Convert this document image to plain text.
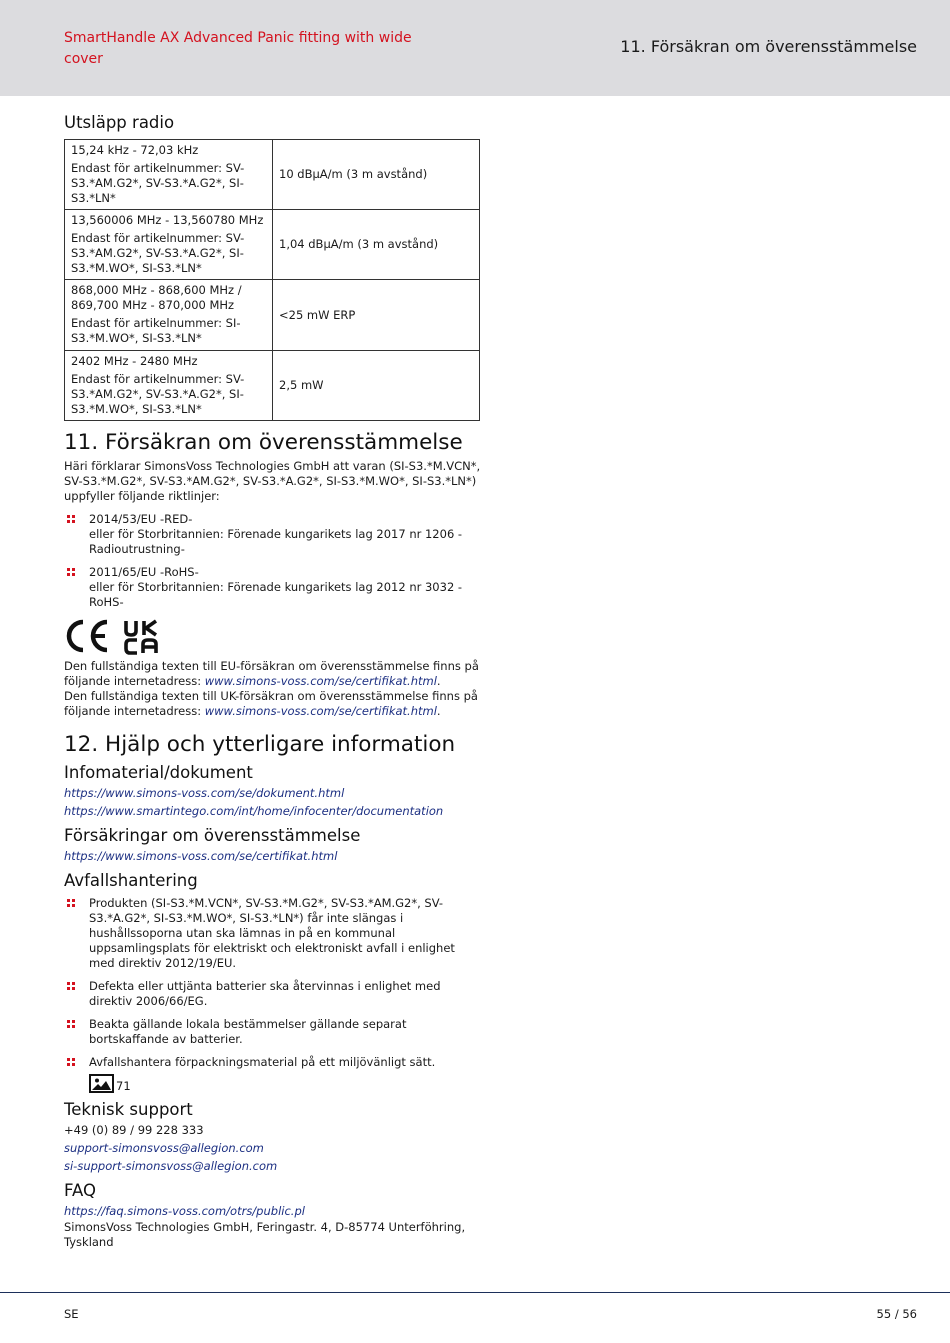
SmartHandle AX Advanced Panic fitting with wide cover
11. Försäkran om överensstämmelse
Utsläpp radio
15,24 kHz - 72,03 kHz
Endast för artikelnummer: SV-S3.*AM.G2*, SV-S3.*A.G2*, SI-S3.*LN*	10 dBμA/m (3 m avstånd)

13,560006 MHz - 13,560780 MHz
Endast för artikelnummer: SV-S3.*AM.G2*, SV-S3.*A.G2*, SI-S3.*M.WO*, SI-S3.*LN*	1,04 dBμA/m (3 m avstånd)

868,000 MHz - 868,600 MHz / 869,700 MHz - 870,000 MHz
Endast för artikelnummer: SI-S3.*M.WO*, SI-S3.*LN*	<25 mW ERP

2402 MHz - 2480 MHz
Endast för artikelnummer: SV-S3.*AM.G2*, SV-S3.*A.G2*, SI-S3.*M.WO*, SI-S3.*LN*	2,5 mW
11. Försäkran om överensstämmelse

Häri förklarar SimonsVoss Technologies GmbH att varan (SI-S3.*M.VCN*, SV-S3.*M.G2*, SV-S3.*AM.G2*, SV-S3.*A.G2*, SI-S3.*M.WO*, SI-S3.*LN*) uppfyller följande riktlinjer:

2014/53/EU -RED-
eller för Storbritannien: Förenade kungarikets lag 2017 nr 1206 -Radioutrustning-
2011/65/EU -RoHS-
eller för Storbritannien: Förenade kungarikets lag 2012 nr 3032 -RoHS-

Den fullständiga texten till EU-försäkran om överensstämmelse finns på följande internetadress: www.simons-voss.com/se/certifikat.html.

Den fullständiga texten till UK-försäkran om överensstämmelse finns på följande internetadress: www.simons-voss.com/se/certifikat.html.

12. Hjälp och ytterligare information
Infomaterial/dokument
https://www.simons-voss.com/se/dokument.html
https://www.smartintego.com/int/home/infocenter/documentation
Försäkringar om överensstämmelse
https://www.simons-voss.com/se/certifikat.html
Avfallshantering
Produkten (SI-S3.*M.VCN*, SV-S3.*M.G2*, SV-S3.*AM.G2*, SV-S3.*A.G2*, SI-S3.*M.WO*, SI-S3.*LN*) får inte slängas i hushållssoporna utan ska lämnas in på en kommunal uppsamlingsplats för elektriskt och elektroniskt avfall i enlighet med direktiv 2012/19/EU.
Defekta eller uttjänta batterier ska återvinnas i enlighet med direktiv 2006/66/EG.
Beakta gällande lokala bestämmelser gällande separat bortskaffande av batterier.
Avfallshantera förpackningsmaterial på ett miljövänligt sätt.
71
Teknisk support
+49 (0) 89 / 99 228 333
support-simonsvoss@allegion.com
si-support-simonsvoss@allegion.com
FAQ
https://faq.simons-voss.com/otrs/public.pl

SimonsVoss Technologies GmbH, Feringastr. 4, D-85774 Unterföhring, Tyskland

SE	55 / 56
